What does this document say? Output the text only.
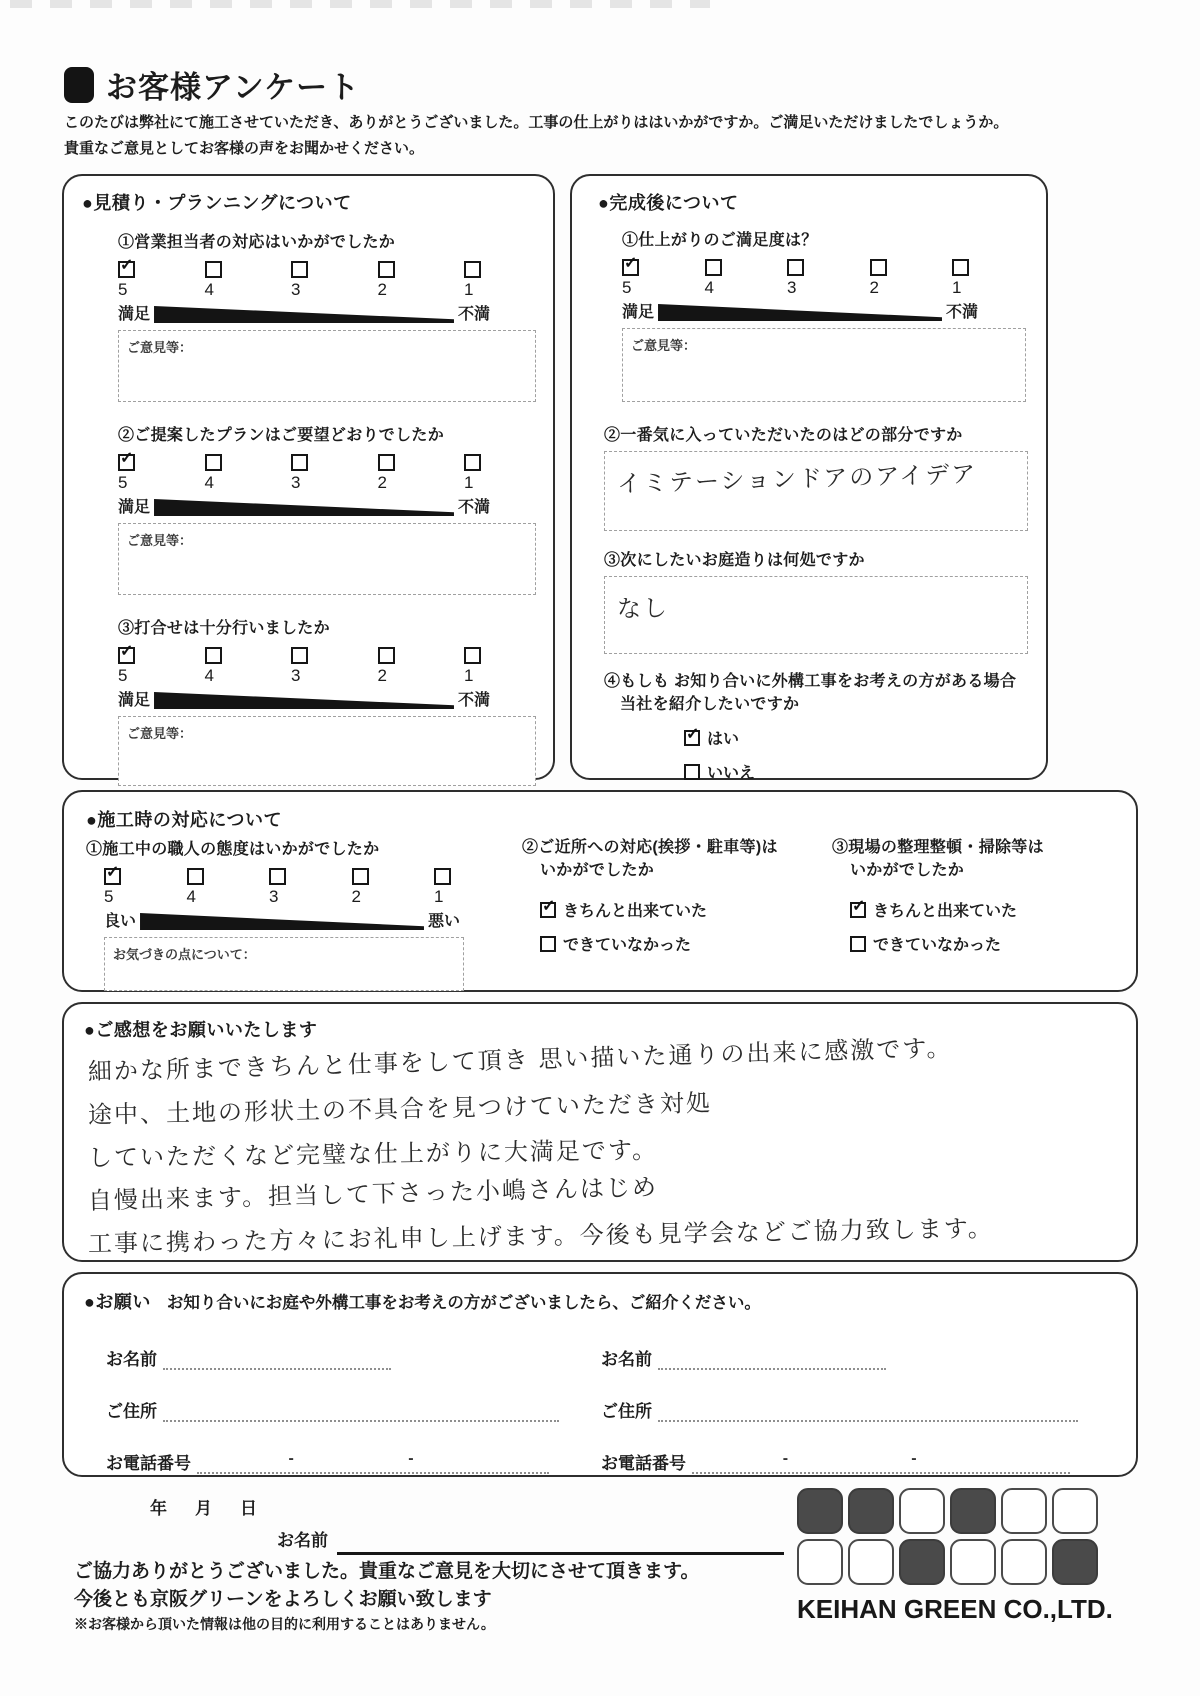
お客様アンケート
このたびは弊社にて施工させていただき、ありがとうございました。工事の仕上がりははいかがですか。ご満足いただけましたでしょうか。
貴重なご意見としてお客様の声をお聞かせください。
●見積り・プランニングについて
①営業担当者の対応はいかがでしたか
✓
5	4	3	2	1
満足	不満
ご意見等：
②ご提案したプランはご要望どおりでしたか
✓
5	4	3	2	1
満足	不満
ご意見等：
③打合せは十分行いましたか
✓
5	4	3	2	1
満足	不満
ご意見等：
●完成後について
①仕上がりのご満足度は？
✓
5	4	3	2	1
満足	不満
ご意見等：
②一番気に入っていただいたのはどの部分ですか
イミテーションドアのアイデア
③次にしたいお庭造りは何処ですか
なし
④もしも お知り合いに外構工事をお考えの方がある場合
当社を紹介したいですか
✓ はい
いいえ
●施工時の対応について
①施工中の職人の態度はいかがでしたか
✓
5	4	3	2	1
良い	悪い
お気づきの点について：
②ご近所への対応(挨拶・駐車等)は
いかがでしたか
✓ きちんと出来ていた
できていなかった
③現場の整理整頓・掃除等は
いかがでしたか
✓ きちんと出来ていた
できていなかった
●ご感想をお願いいたします
細かな所まできちんと仕事をして頂き 思い描いた通りの出来に感激です。
途中、土地の形状土の不具合を見つけていただき対処
していただくなど完璧な仕上がりに大満足です。
自慢出来ます。担当して下さった小嶋さんはじめ
工事に携わった方々にお礼申し上げます。今後も見学会などご協力致します。
●お願い お知り合いにお庭や外構工事をお考えの方がございましたら、ご紹介ください。
お名前
ご住所
お電話番号	-	-
お名前
ご住所
お電話番号	-	-
年 月 日
お名前
ご協力ありがとうございました。貴重なご意見を大切にさせて頂きます。
今後とも京阪グリーンをよろしくお願い致します
※お客様から頂いた情報は他の目的に利用することはありません。	KEIHAN GREEN CO.,LTD.
